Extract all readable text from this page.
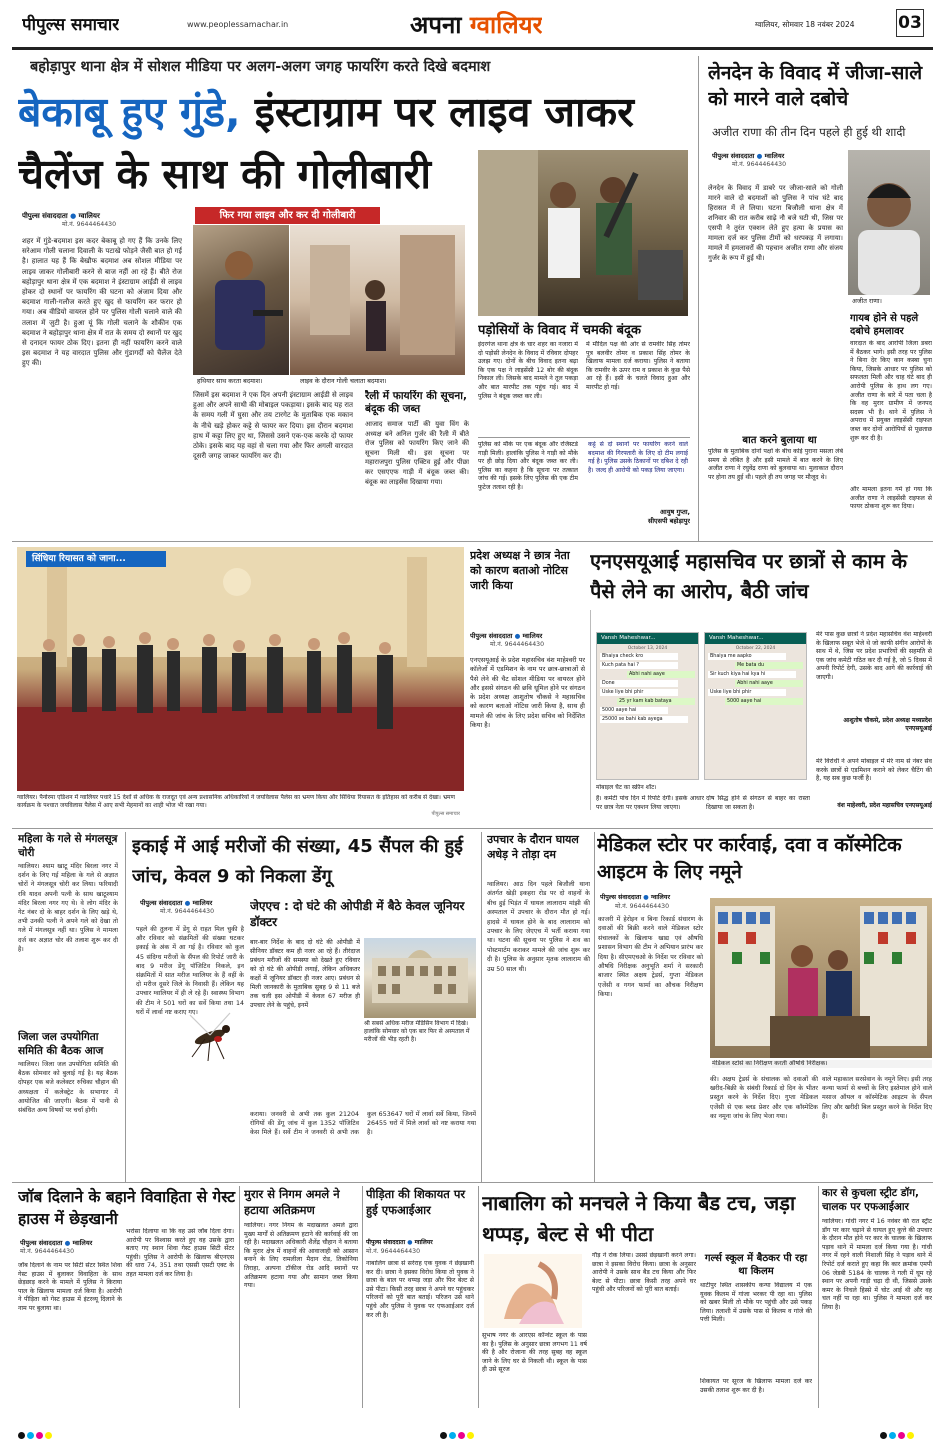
पीपुल्स समाचार	www.peoplessamachar.in	अपना ग्वालियर	ग्वालियर, सोमवार 18 नवंबर 2024	03
बहोड़ापुर थाना क्षेत्र में सोशल मीडिया पर अलग-अलग जगह फायरिंग करते दिखे बदमाश
बेकाबू हुए गुंडे, इंस्टाग्राम पर लाइव जाकर
चैलेंज के साथ की गोलीबारी
पीपुल्स संवाददाता ● ग्वालियर
मो.नं. 9644464430
शहर में गुंडे-बदमाश इस कदर बेकाबू हो गए हैं कि उनके लिए सरेआम गोली चलाना दिवाली के पटाखे फोड़ने जैसी बात हो गई है। हालात यह हैं कि बेखौफ बदमाश अब सोशल मीडिया पर लाइव जाकर गोलीबारी करने से बाज नहीं आ रहे हैं। बीते रोज बहोड़ापुर थाना क्षेत्र में एक बदमाश ने इंस्टाग्राम आईडी से लाइव होकर दो स्थानों पर फायरिंग की घटना को अंजाम दिया और बदमाश गाली-गलौज करते हुए खुद से फायरिंग कर फरार हो गया। अब वीडियो वायरल होने पर पुलिस गोली चलाने वाले की तलाश में जुटी है। हुआ यूं कि गोली चलाने के शौकीन एक बदमाश ने बहोड़ापुर थाना क्षेत्र में रात के समय दो स्थानों पर खुद से दनादन फायर ठोक दिए। इतना ही नहीं फायरिंग करने वाले इस बदमाश ने यह वारदात पुलिस और गुंडागर्दी को चैलेंज देते हुए की।
फिर गया लाइव और कर दी गोलीबारी
हथियार साथ करता बदमाश।	लाइव के दौरान गोली चलाता बदमाश।
जिसमें इस बदमाश ने एक दिन अपनी इंस्टाग्राम आईडी से लाइव हुआ और अपने साथी की मोबाइल पकड़ाया। इसके बाद यह रात के समय गली में घुसा और तय टारगेट के मुताबिक एक मकान के नीचे खड़े होकर कट्टे से फायर कर दिया। इस दौरान बदमाश हाथ में कट्टा लिए हुए था, जिससे उसने एक-एक करके दो फायर ठोके। इसके बाद यह वहां से चला गया और फिर अगली वारदात दूसरी जगह जाकर फायरिंग कर दी।
रैली में फायरिंग की सूचना, बंदूक की जब्त
आजाद समाज पार्टी की युवा विंग के अध्यक्ष बने अनिल गुर्जर की रैली में बीते रोज पुलिस को फायरिंग किए जाने की सूचना मिली थी। इस सूचना पर महाराजपुरा पुलिस एक्टिव हुई और पीछा कर एसएएफ गाड़ी में बंदूक जब्त की। बंदूक का लाइसेंस दिखाया गया।
पड़ोसियों के विवाद में चमकी बंदूक
इंदरगंज थाना क्षेत्र के चार शहर का नजारा में दो पड़ोसी लेनदेन के विवाद में रविवार दोपहर उलझ गए। दोनों के बीच विवाद इतना बढ़ा कि एक पक्ष ने लाइसेंसी 12 बोर की बंदूक निकाल ली। जिसके बाद मामले ने तूल पकड़ा और बात मारपीट तक पहुंच गई। बाद में पुलिस ने बंदूक जब्त कर ली।
में मौदिल पक्ष की ओर से रामवीर सिंह तोमर पुत्र बलवीर तोमर व प्रकाश सिंह तोमर के खिलाफ मामला दर्ज कराया। पुलिस ने बताया कि रामवीर के ऊपर राम व प्रकाश के कुछ पैसे आ रहे हैं। इसी के चलते विवाद हुआ और मारपीट हो गई।
पुलिस को मौके पर एक बंदूक और रजिस्टर्ड गाड़ी मिली। हालांकि पुलिस ने गाड़ी को मौके पर ही छोड़ दिया और बंदूक जब्त कर ली। पुलिस का कहना है कि सूचना पर तत्काल जांच की गई। इसके लिए पुलिस की एक टीम फुटेज तलाश रही है।
कट्टे से दो स्थानों पर फायरिंग करने वाले बदमाश की गिरफ्तारी के लिए दो टीम लगाई गई है। पुलिस उसके ठिकानों पर दबिश दे रही है। जल्द ही आरोपी को पकड़ लिया जाएगा।
आयुष गुप्ता,
सीएसपी बहोड़ापुर
लेनदेन के विवाद में जीजा-साले को मारने वाले दबोचे
अजीत राणा की तीन दिन पहले ही हुई थी शादी
पीपुल्स संवाददाता ● ग्वालियर
मो.नं. 9644464430
अजीत राणा।
लेनदेन के विवाद में डाबरे पर जीजा-साले को गोली मारने वाले दो बदमाशों को पुलिस ने पांच घंटे बाद हिरासत में ले लिया। घटना बिजौली थाना क्षेत्र में शनिवार की रात करीब साढ़े नौ बजे घटी थी, जिस पर एसपी ने तुरंत एक्शन लेते हुए हत्या के प्रयास का मामला दर्ज कर पुलिस टीमों को धरपकड़ में लगाया। मामले में हमलावरों की पहचान अजीत राणा और संजय गुर्जर के रूप में हुई थी।
गायब होने से पहले दबोचे हमलावर
वारदात के बाद आरोपी जिला डबरा में बैठकर भागे। इसी तरह पर पुलिस ने बिना देर किए कान कस्बा चुना किया, जिसके आधार पर पुलिस को सफलता मिली और चाह घंटे बाद ही आरोपी पुलिस के हाथ लग गए। अजीत राणा के बारे में पता चला है कि वह मुरार ग्रामीण में जनपद सदस्य भी है। थाने में पुलिस ने अपराध में प्रयुक्त लाइसेंसी राइफल जब्त कर दोनों आरोपियों से पूछताछ शुरू कर दी है।
बात करने बुलाया था
पुलिस के मुताबिक दोनों पक्षों के बीच कोई पुराना मसला लंबे समय से लंबित है और इसी मामले में बात करने के लिए अजीत राणा ने रघुवेंद्र राणा को बुलवाया था। मुलाकात दौरान पर होना तय हुई थी। पहले ही तय जगह पर मौजूद थे।
और मामला इतना गर्म हो गया कि अजीत राणा ने लाइसेंसी राइफल से फायर ठोकना शुरू कर दिया।
सिंधिया रियासत को जाना...
ग्वालियर। पैनोरमा एडिशन में ग्वालियर पधारे 15 देशों से अधिक के राजदूत एवं अन्य प्रशासनिक अधिकारियों ने जयविलास पैलेस का भ्रमण किया और सिंधिया रियासत के इतिहास को करीब से देखा। भ्रमण कार्यक्रम के पश्चात जयविलास पैलेस में आए सभी मेहमानों का शाही भोज भी रखा गया।
पीपुल्स समाचार
प्रदेश अध्यक्ष ने छात्र नेता को कारण बताओ नोटिस जारी किया
पीपुल्स संवाददाता ● ग्वालियर
मो.नं. 9644464430
एनएसयूआई के प्रदेश महासचिव वंश माहेश्वरी पर कॉलेजों में एडमिशन के नाम पर छात्र-छात्राओं से पैसे लेने की चैट सोशल मीडिया पर वायरल होने और इससे संगठन की छवि धूमिल होने पर संगठन के प्रदेश अध्यक्ष आशुतोष चौकसे ने महासचिव को कारण बताओ नोटिस जारी किया है, साथ ही मामले की जांच के लिए प्रदेश सचिव को निर्देशित किया है।
एनएसयूआई महासचिव पर छात्रों से काम के पैसे लेने का आरोप, बैठी जांच
Vansh Maheshwar...
October 13, 2024
Bhaiya check kro
Kuch pata hai ?
Abhi nahi aaye
Done
Uske liye bhi phir
25 yr kam kab bataya
5000 aaye hai
25000 se bahi kab ayega
Vansh Maheshwar...
October 22, 2024
Bhaiya me aapko
Me bata du
Sir kuch kiya hai kya hi
Abhi nahi aaye
Uske liye bhi phir
5000 aaye hai
मोबाइल चैट का स्क्रीन शॉट।
हैं। कमेटी पांच दिन में रिपोर्ट देगी। इसके आधार पर छात्र नेता पर एक्शन लिया जाएगा।
दोष सिद्ध होने से संगठन से बाहर का रास्ता दिखाया जा सकता है।
मेरे पास कुछ छात्रों ने प्रदेश महासचिव वंश माहेश्वरी के खिलाफ सबूत भेजे थे जो काफी संगीन आरोपों के साथ में थे, जिस पर प्रदेश प्रभारियों की सहमति से एक जांच कमेटी गठित कर दी गई है, जो 5 दिवस में अपनी रिपोर्ट देगी, उसके बाद आगे की कार्रवाई की जाएगी।
आशुतोष चौकसे, प्रदेश अध्यक्ष मध्यप्रदेश एनएसयूआई
मेरे विरोधी ने अपने मोबाइल में मेरे नाम से नंबर सेव करके छात्रों से एडमिशन कराने को लेकर चैटिंग की है, यह सब कुछ फर्जी है।
वंश माहेश्वरी, प्रदेश महासचिव एनएसयूआई
महिला के गले से मंगलसूत्र चोरी
ग्वालियर। श्याम खाटू मंदिर बिरला नगर में दर्शन के लिए गई महिला के गले से अज्ञात चोरों ने मंगलसूत्र चोरी कर लिया। फरियादी रवि यादव अपनी पत्नी के साथ खाटूश्याम मंदिर बिरला नगर गए थे। वे लोग मंदिर के गेट नंबर दो के बाहर दर्शन के लिए खड़े थे, तभी उनकी पत्नी ने अपने गले को देखा तो गले में मंगलसूत्र नहीं था। पुलिस ने मामला दर्ज कर अज्ञात चोर की तलाश शुरू कर दी है।
जिला जल उपयोगिता समिति की बैठक आज
ग्वालियर। जिला जल उपयोगिता समिति की बैठक सोमवार को बुलाई गई है। यह बैठक दोपहर एक बजे कलेक्टर रुचिका चौहान की अध्यक्षता में कलेक्ट्रेट के सभागार में आयोजित की जाएगी। बैठक में पानी से संबंधित अन्य विषयों पर चर्चा होगी।
इकाई में आई मरीजों की संख्या, 45 सैंपल की हुई जांच, केवल 9 को निकला डेंगू
पीपुल्स संवाददाता ● ग्वालियर
मो.नं. 9644464430
पहले की तुलना में डेंगू से राहत मिल चुकी है और रविवार को संक्रमितों की संख्या घटकर इकाई के अंक में आ गई है। रविवार को कुल 45 संदिग्ध मरीजों के सैंपल की रिपोर्ट जारी के बाद 9 मरीज डेंगू पॉजिटिव निकले, इन संक्रमितों में सात मरीज ग्वालियर के हैं वहीं के दो मरीज दूसरे जिले के निवासी हैं। लेकिन यह उपचार ग्वालियर में ही ले रहे हैं। स्वास्थ्य विभाग की टीम ने 501 घरों का सर्वे किया तथा 14 घरों में लार्वा नष्ट कराए गए।
जेएएच : दो घंटे की ओपीडी में बैठे केवल जूनियर डॉक्टर
बार-बार निर्देश के बाद दो घंटे की ओपीडी में सीनियर डॉक्टर कम ही नजर आ रहे हैं। तीरंदाज प्रबंधन मरीजों की समस्या को देखते हुए रविवार को दो घंटे की ओपीडी लगाई, लेकिन अधिकतर कक्षों में जूनियर डॉक्टर ही नजर आए। प्रबंधन से मिली जानकारी के मुताबिक सुबह 9 से 11 बजे तक चली इस ओपीडी में केवल 67 मरीज ही उपचार लेने के पहुंचे, इनमें
श्री सबसे अधिक मरीज मेडिसिन विभाग में दिखे। हालांकि सोमवार को एक बार फिर से अस्पताल में मरीजों की भीड़ रहती है।
कराया। जनवरी से अभी तक कुल 21204 रोगियों की डेंगू जांच में कुल 1352 पॉजिटिव केस मिले हैं। सर्वे टीम ने जनवरी से अभी तक कुल 653647 घरों में लार्वा सर्वे किया, जिनमें 26455 घरों में मिले लार्वा को नष्ट कराया गया है।
उपचार के दौरान घायल अधेड़ ने तोड़ा दम
ग्वालियर। आठ दिन पहले बिजौली थाना अंतर्गत खेड़ी इकहरा रोड पर दो वाहनों के बीच हुई भिड़ंत में घायल लालाराम मांझी की अस्पताल में उपचार के दौरान मौत हो गई। हादसे में घायल होने के बाद लालाराम को उपचार के लिए जेएएच में भर्ती कराया गया था। घटना की सूचना पर पुलिस ने शव का पोस्टमार्टम कराकर मामले की जांच शुरू कर दी है। पुलिस के अनुसार मृतक लालाराम की उम्र 50 साल थी।
मेडिकल स्टोर पर कार्रवाई, दवा व कॉस्मेटिक आइटम के लिए नमूने
पीपुल्स संवाददाता ● ग्वालियर
मो.नं. 9644464430
काजरी में हेरोइन व बिना रिकार्ड संधारण के दवाओं की बिक्री करने वाले मेडिकल स्टोर संचालकों के खिलाफ खाद्य एवं औषधि प्रशासन विभाग की टीम ने अभियान प्रारंभ कर दिया है। सीएमएचओ के निर्देश पर रविवार को औषधि निरीक्षक अनुभूति शर्मा ने सरकारी बाजार स्थित अक्षय ट्रेडर्स, गुप्ता मेडिकल एजेंसी व गगन फार्मा का औचक निरीक्षण किया।
मेडिकल स्टोर्स का निरीक्षण करती औषधि निरीक्षक।
की। अक्षय ट्रेडर्स के संचालक को दवाओं की खरीद-बिक्री के संबंधी रिकार्ड दो दिन के भीतर प्रस्तुत करने के निर्देश दिए। गुप्ता मेडिकल एजेंसी से एक ब्लड प्रेशर और एक कॉस्मेटिक का नमूना जांच के लिए भेजा गया।
वाले महाकाल सरसेवान के नमूने लिए। इसी तरह कन्या फार्मा से बच्चों के लिए इस्तेमाल होने वाले मसाज ऑयल व कॉस्मेटिक आइटम के सैंपल लिए और खरीदी बिल प्रस्तुत करने के निर्देश दिए हैं।
जॉब दिलाने के बहाने विवाहिता से गेस्ट हाउस में छेड़खानी
पीपुल्स संवाददाता ● ग्वालियर
मो.नं. 9644464430
जॉब दिलाने के नाम पर सिटी सेंटर स्थित शिवा गेस्ट हाउस में बुलाकर विवाहिता के साथ छेड़छाड़ करने के मामले में पुलिस ने किराया पाल के खिलाफ मामला दर्ज किया है। आरोपी ने पीड़िता को गेस्ट हाउस में इंटरव्यू दिलाने के नाम पर बुलाया था।
भरोसा दिलाया था कि वह उसे जॉब दिला देगा। आरोपी पर विश्वास करते हुए वह उसके द्वारा बताए गए स्थान शिवा गेस्ट हाउस सिटी सेंटर पहुंची। पुलिस ने आरोपी के खिलाफ बीएनएस की धारा 74, 351 तथा एससी एसटी एक्ट के तहत मामला दर्ज कर लिया है।
मुरार से निगम अमले ने हटाया अतिक्रमण
ग्वालियर। नगर निगम के मदाखलत अमले द्वारा मुख्य मार्गों से अतिक्रमण हटाने की कार्रवाई की जा रही है। मदाखलत अधिकारी शैलेंद्र चौहान ने बताया कि मुरार क्षेत्र में वाहनों की आवाजाही को आसान बनाने के लिए रामलीला मैदान रोड, तिकोनिया तिराहा, अल्पना टॉकीज रोड आदि स्थानों पर अतिक्रमण हटाया गया और सामान जब्त किया गया।
पीड़िता की शिकायत पर हुई एफआईआर
पीपुल्स संवाददाता ● ग्वालियर
मो.नं. 9644464430
नाबालिग छात्रा से सरेराह एक युवक ने छेड़खानी कर दी। छात्रा ने इसका विरोध किया तो युवक ने छात्रा के बाल पर थप्पड़ जड़ा और फिर बेल्ट से उसे पीटा। किसी तरह छात्रा ने अपने घर पहुंचकर परिजनों को पूरी बात बताई। परिजन उसे थाने पहुंचे और पुलिस ने युवक पर एफआईआर दर्ज कर ली है।
नाबालिग को मनचले ने किया बैड टच, जड़ा थप्पड़, बेल्ट से भी पीटा
सुभाष नगर के आरएस कॉन्वेंट स्कूल के पास का है। पुलिस के अनुसार छात्रा लगभग 11 वर्ष की है और रोजाना की तरह सुबह वह स्कूल जाने के लिए घर से निकली थी। स्कूल के पास ही उसे सूरज
गौड़ ने रोक लिया। उससे छेड़खानी करने लगा। छात्रा ने इसका विरोध किया। छात्रा के अनुसार आरोपी ने उसके साथ बैड टच किया और फिर बेल्ट से पीटा। छात्रा किसी तरह अपने घर पहुंची और परिजनों को पूरी बात बताई।
गर्ल्स स्कूल में बैठकर पी रहा था किलम
थाटीपुर स्थित शासकीय कन्या विद्यालय में एक युवक किलम में गांजा भरकर पी रहा था। पुलिस को खबर मिली तो मौके पर पहुंची और उसे पकड़ लिया। तलाशी में उसके पास से किलम व गांजे की पत्ती मिली।
शिकायत पर सूरज के खिलाफ मामला दर्ज कर उसकी तलाश शुरू कर दी है।
कार से कुचला स्ट्रीट डॉग, चालक पर एफआईआर
ग्वालियर। गांधी नगर में 16 नवंबर की रात स्ट्रीट डॉग पर कार चढ़ाने से घायल हुए कुत्ते की उपचार के दौरान मौत होने पर कार के चालक के खिलाफ पड़ाव थाने में मामला दर्ज किया गया है। गांधी नगर में रहने वाली निशाली सिंह ने पड़ाव थाने में रिपोर्ट दर्ज कराते हुए कहा कि कार क्रमांक एमपी 06 जेडबी 5184 के चालक ने गली में घूम रहे स्थान पर अपनी गाड़ी चढ़ा दी थी, जिससे उसके कमर के निचले हिस्से में चोट आई थी और वह चल नहीं पा रहा था। पुलिस ने मामला दर्ज कर लिया है।
